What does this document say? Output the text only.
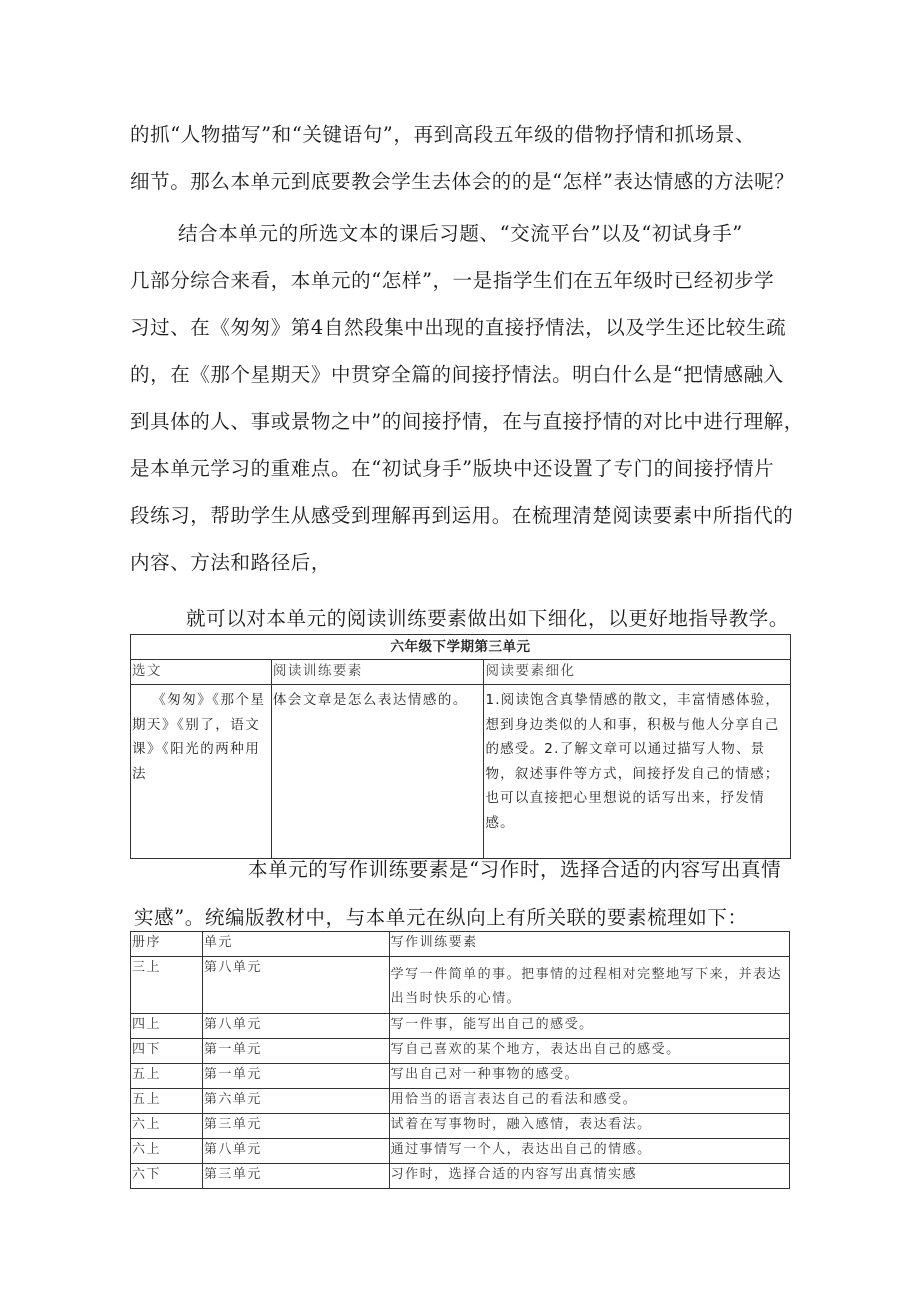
的抓“人物描写”和“关键语句”，再到高段五年级的借物抒情和抓场景、
细节。那么本单元到底要教会学生去体会的的是“怎样”表达情感的方法呢？
结合本单元的所选文本的课后习题、“交流平台”以及“初试身手”
几部分综合来看，本单元的“怎样”，一是指学生们在五年级时已经初步学
习过、在《匆匆》第4自然段集中出现的直接抒情法，以及学生还比较生疏
的，在《那个星期天》中贯穿全篇的间接抒情法。明白什么是“把情感融入
到具体的人、事或景物之中”的间接抒情，在与直接抒情的对比中进行理解，
是本单元学习的重难点。在“初试身手”版块中还设置了专门的间接抒情片
段练习，帮助学生从感受到理解再到运用。在梳理清楚阅读要素中所指代的
内容、方法和路径后，
就可以对本单元的阅读训练要素做出如下细化，以更好地指导教学。
六年级下学期第三单元		
选文	阅读训练要素	阅读要素细化
《匆匆》《那个星期天》《别了，语文课》《阳光的两种用法	体会文章是怎么表达情感的。	1.阅读饱含真挚情感的散文，丰富情感体验，想到身边类似的人和事，积极与他人分享自己的感受。2.了解文章可以通过描写人物、景物，叙述事件等方式，间接抒发自己的情感；也可以直接把心里想说的话写出来，抒发情感。
本单元的写作训练要素是“习作时，选择合适的内容写出真情
实感”。统编版教材中，与本单元在纵向上有所关联的要素梳理如下：
册序	单元	写作训练要素
三上	第八单元	学写一件简单的事。把事情的过程相对完整地写下来，并表达出当时快乐的心情。
四上	第八单元	写一件事，能写出自己的感受。
四下	第一单元	写自己喜欢的某个地方，表达出自己的感受。
五上	第一单元	写出自己对一种事物的感受。
五上	第六单元	用恰当的语言表达自己的看法和感受。
六上	第三单元	试着在写事物时，融入感情，表达看法。
六上	第八单元	通过事情写一个人，表达出自己的情感。
六下	第三单元	习作时，选择合适的内容写出真情实感
